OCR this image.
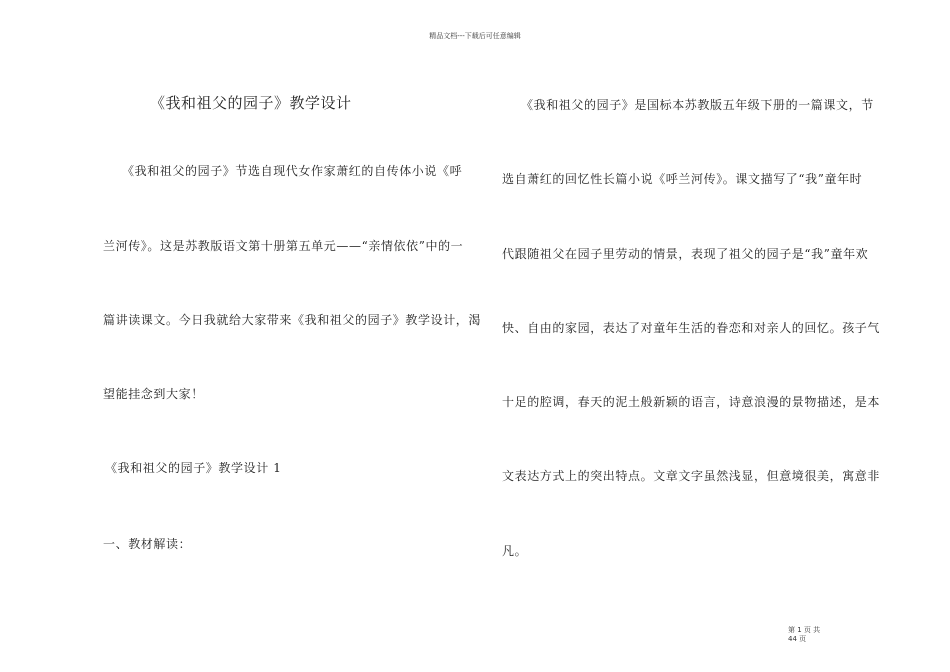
精品文档---下载后可任意编辑
《我和祖父的园子》教学设计
《我和祖父的园子》节选自现代女作家萧红的自传体小说《呼
兰河传》。这是苏教版语文第十册第五单元——“亲情依依”中的一
篇讲读课文。今日我就给大家带来《我和祖父的园子》教学设计，渴
望能挂念到大家！
《我和祖父的园子》教学设计 1
一、教材解读：
《我和祖父的园子》是国标本苏教版五年级下册的一篇课文，节
选自萧红的回忆性长篇小说《呼兰河传》。课文描写了“我”童年时
代跟随祖父在园子里劳动的情景，表现了祖父的园子是“我”童年欢
快、自由的家园，表达了对童年生活的眷恋和对亲人的回忆。孩子气
十足的腔调，春天的泥土般新颖的语言，诗意浪漫的景物描述，是本
文表达方式上的突出特点。文章文字虽然浅显，但意境很美，寓意非
凡。
第 1 页 共 44 页
